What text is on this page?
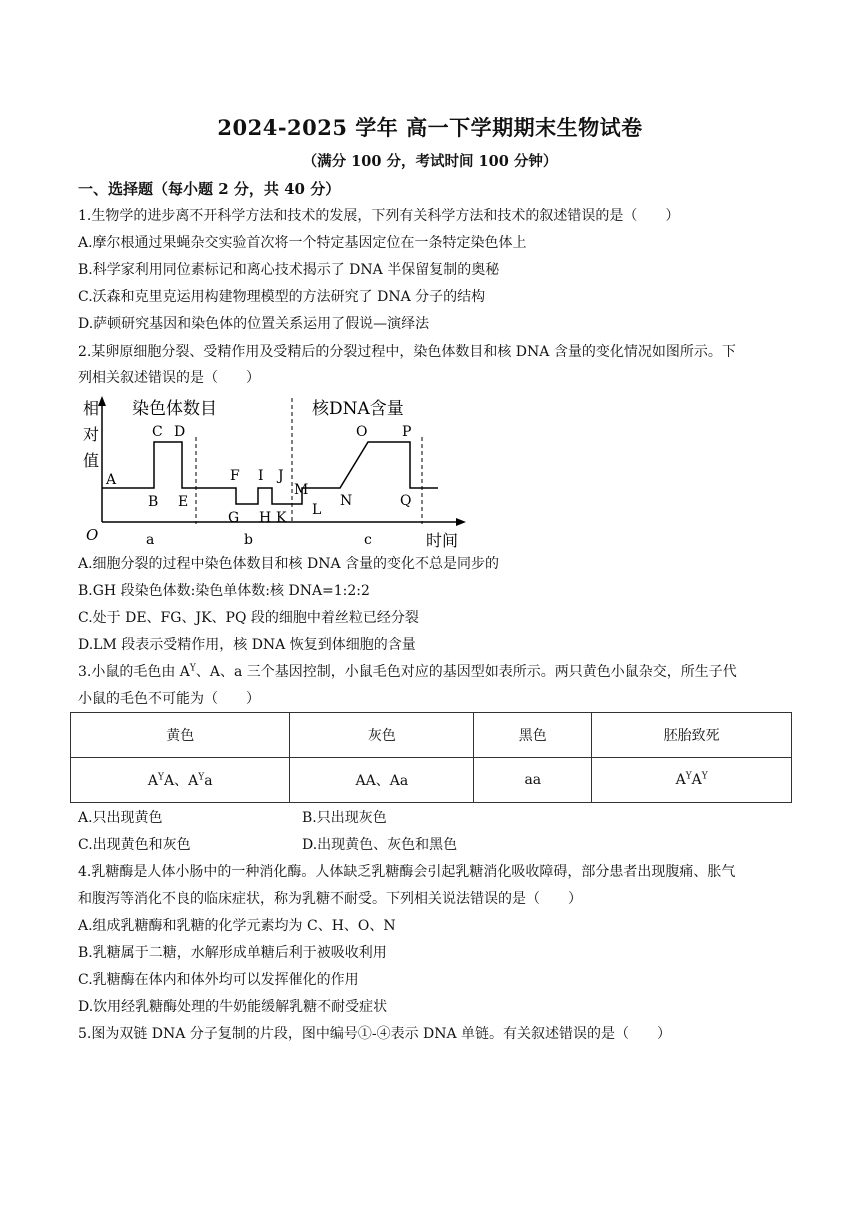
2024-2025 学年 高一下学期期末生物试卷
（满分 100 分，考试时间 100 分钟）
一、选择题（每小题 2 分，共 40 分）
1.生物学的进步离不开科学方法和技术的发展，下列有关科学方法和技术的叙述错误的是（　　）
A.摩尔根通过果蝇杂交实验首次将一个特定基因定位在一条特定染色体上
B.科学家利用同位素标记和离心技术揭示了 DNA 半保留复制的奥秘
C.沃森和克里克运用构建物理模型的方法研究了 DNA 分子的结构
D.萨顿研究基因和染色体的位置关系运用了假说—演绎法
2.某卵原细胞分裂、受精作用及受精后的分裂过程中，染色体数目和核 DNA 含量的变化情况如图所示。下
列相关叙述错误的是（　　）
相
对
值
染色体数目	核DNA含量
A
B
C D
E
F
G
I
H
J
K
M
L
N
O P
Q
O	a	b	c	时间
A.细胞分裂的过程中染色体数目和核 DNA 含量的变化不总是同步的
B.GH 段染色体数:染色单体数:核 DNA=1:2:2
C.处于 DE、FG、JK、PQ 段的细胞中着丝粒已经分裂
D.LM 段表示受精作用，核 DNA 恢复到体细胞的含量
3.小鼠的毛色由 $A^Y$、A、a 三个基因控制，小鼠毛色对应的基因型如表所示。两只黄色小鼠杂交，所生子代
小鼠的毛色不可能为（　　）
黄色	灰色	黑色	胚胎致死
$A^YA$、$A^Ya$	AA、Aa	aa	$A^YA^Y$
A.只出现黄色	B.只出现灰色
C.出现黄色和灰色	D.出现黄色、灰色和黑色
4.乳糖酶是人体小肠中的一种消化酶。人体缺乏乳糖酶会引起乳糖消化吸收障碍，部分患者出现腹痛、胀气
和腹泻等消化不良的临床症状，称为乳糖不耐受。下列相关说法错误的是（　　）
A.组成乳糖酶和乳糖的化学元素均为 C、H、O、N
B.乳糖属于二糖，水解形成单糖后利于被吸收利用
C.乳糖酶在体内和体外均可以发挥催化的作用
D.饮用经乳糖酶处理的牛奶能缓解乳糖不耐受症状
5.图为双链 DNA 分子复制的片段，图中编号①-④表示 DNA 单链。有关叙述错误的是（　　）
